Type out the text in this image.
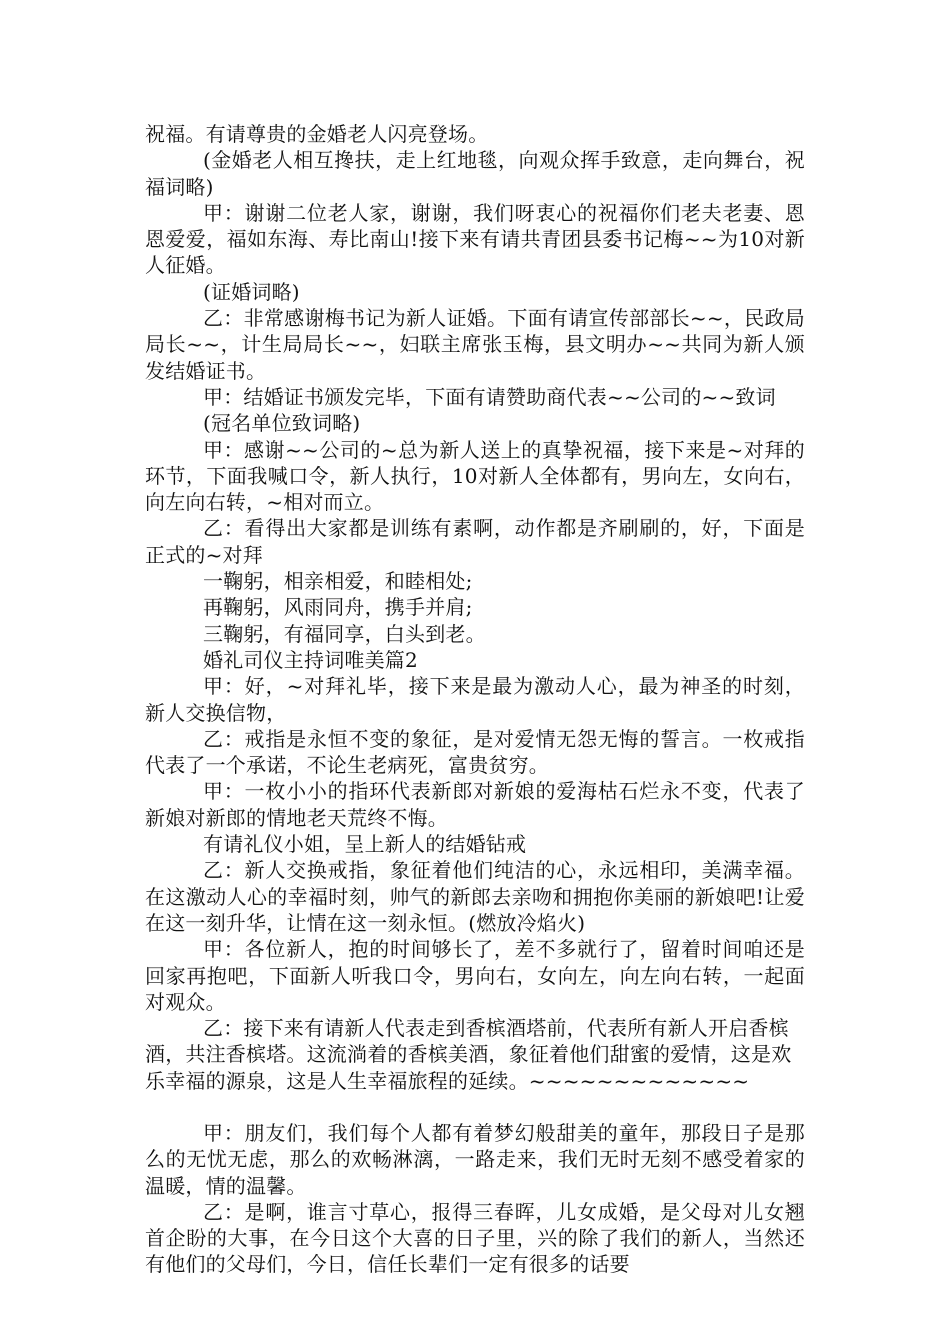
祝福。有请尊贵的金婚老人闪亮登场。

(金婚老人相互搀扶，走上红地毯，向观众挥手致意，走向舞台，祝福词略)

甲：谢谢二位老人家，谢谢，我们呀衷心的祝福你们老夫老妻、恩恩爱爱，福如东海、寿比南山!接下来有请共青团县委书记梅~~为10对新人征婚。

(证婚词略)

乙：非常感谢梅书记为新人证婚。下面有请宣传部部长~~，民政局局长~~，计生局局长~~，妇联主席张玉梅，县文明办~~共同为新人颁发结婚证书。

甲：结婚证书颁发完毕，下面有请赞助商代表~~公司的~~致词

(冠名单位致词略)

甲：感谢~~公司的~总为新人送上的真挚祝福，接下来是~对拜的环节，下面我喊口令，新人执行，10对新人全体都有，男向左，女向右，向左向右转，~相对而立。

乙：看得出大家都是训练有素啊，动作都是齐刷刷的，好，下面是正式的~对拜

一鞠躬，相亲相爱，和睦相处;

再鞠躬，风雨同舟，携手并肩;

三鞠躬，有福同享，白头到老。

婚礼司仪主持词唯美篇2

甲：好，~对拜礼毕，接下来是最为激动人心，最为神圣的时刻，新人交换信物，

乙：戒指是永恒不变的象征，是对爱情无怨无悔的誓言。一枚戒指代表了一个承诺，不论生老病死，富贵贫穷。

甲：一枚小小的指环代表新郎对新娘的爱海枯石烂永不变，代表了新娘对新郎的情地老天荒终不悔。

有请礼仪小姐，呈上新人的结婚钻戒

乙：新人交换戒指，象征着他们纯洁的心，永远相印，美满幸福。在这激动人心的幸福时刻，帅气的新郎去亲吻和拥抱你美丽的新娘吧!让爱在这一刻升华，让情在这一刻永恒。(燃放冷焰火)

甲：各位新人，抱的时间够长了，差不多就行了，留着时间咱还是回家再抱吧，下面新人听我口令，男向右，女向左，向左向右转，一起面对观众。

乙：接下来有请新人代表走到香槟酒塔前，代表所有新人开启香槟酒，共注香槟塔。这流淌着的香槟美酒，象征着他们甜蜜的爱情，这是欢乐幸福的源泉，这是人生幸福旅程的延续。~~~~~~~~~~~~~

甲：朋友们，我们每个人都有着梦幻般甜美的童年，那段日子是那么的无忧无虑，那么的欢畅淋漓，一路走来，我们无时无刻不感受着家的温暖，情的温馨。

乙：是啊，谁言寸草心，报得三春晖，儿女成婚，是父母对儿女翘首企盼的大事，在今日这个大喜的日子里，兴的除了我们的新人，当然还有他们的父母们，今日，信任长辈们一定有很多的话要
